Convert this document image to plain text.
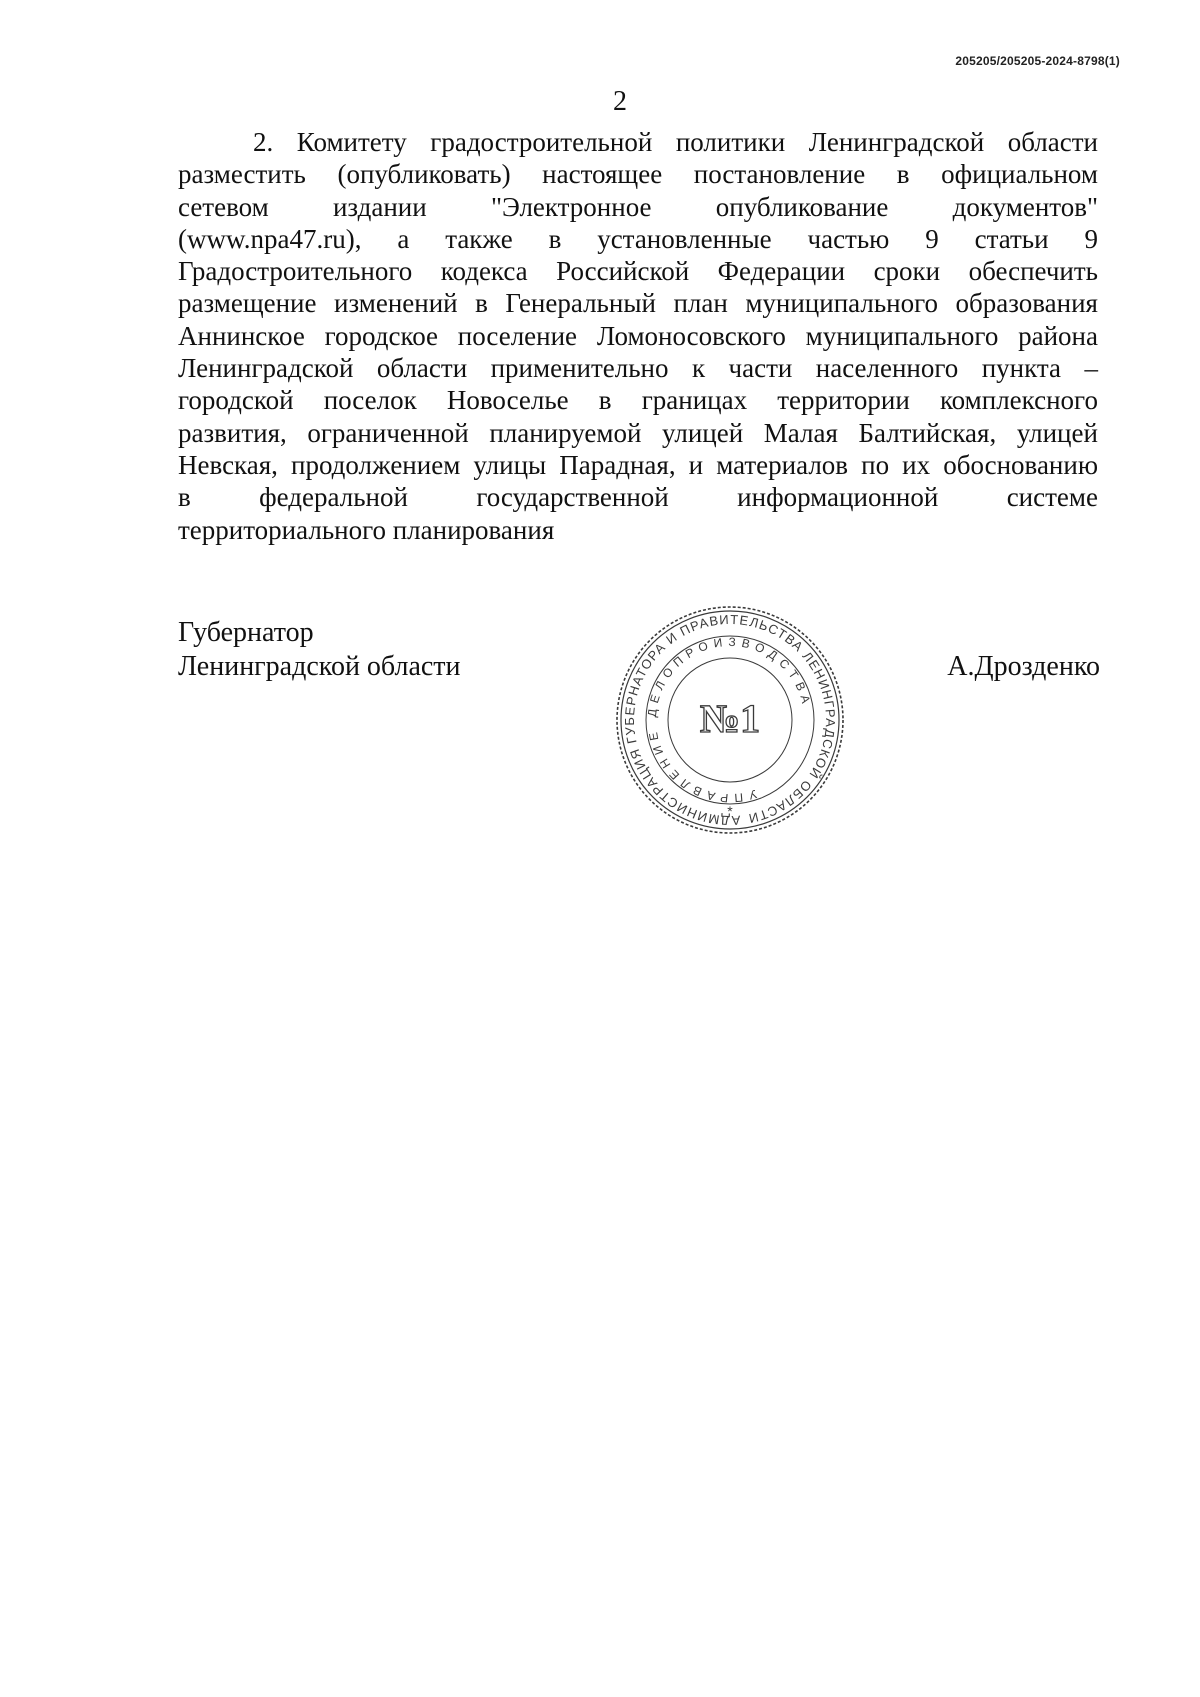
205205/205205-2024-8798(1)
2
2. Комитету градостроительной политики Ленинградской области
разместить (опубликовать) настоящее постановление в официальном
сетевом издании "Электронное опубликование документов"
(www.npa47.ru), а также в установленные частью 9 статьи 9
Градостроительного кодекса Российской Федерации сроки обеспечить
размещение изменений в Генеральный план муниципального образования
Аннинское городское поселение Ломоносовского муниципального района
Ленинградской области применительно к части населенного пункта –
городской поселок Новоселье в границах территории комплексного
развития, ограниченной планируемой улицей Малая Балтийская, улицей
Невская, продолжением улицы Парадная, и материалов по их обоснованию
в	федеральной	государственной	информационной	системе
территориального планирования
Губернатор
Ленинградской области
АДМИНИСТРАЦИЯ ГУБЕРНАТОРА И ПРАВИТЕЛЬСТВА ЛЕНИНГРАДСКОЙ ОБЛАСТИ
УПРАВЛЕНИЕ ДЕЛОПРОИЗВОДСТВА
№1
*
А.Дрозденко
